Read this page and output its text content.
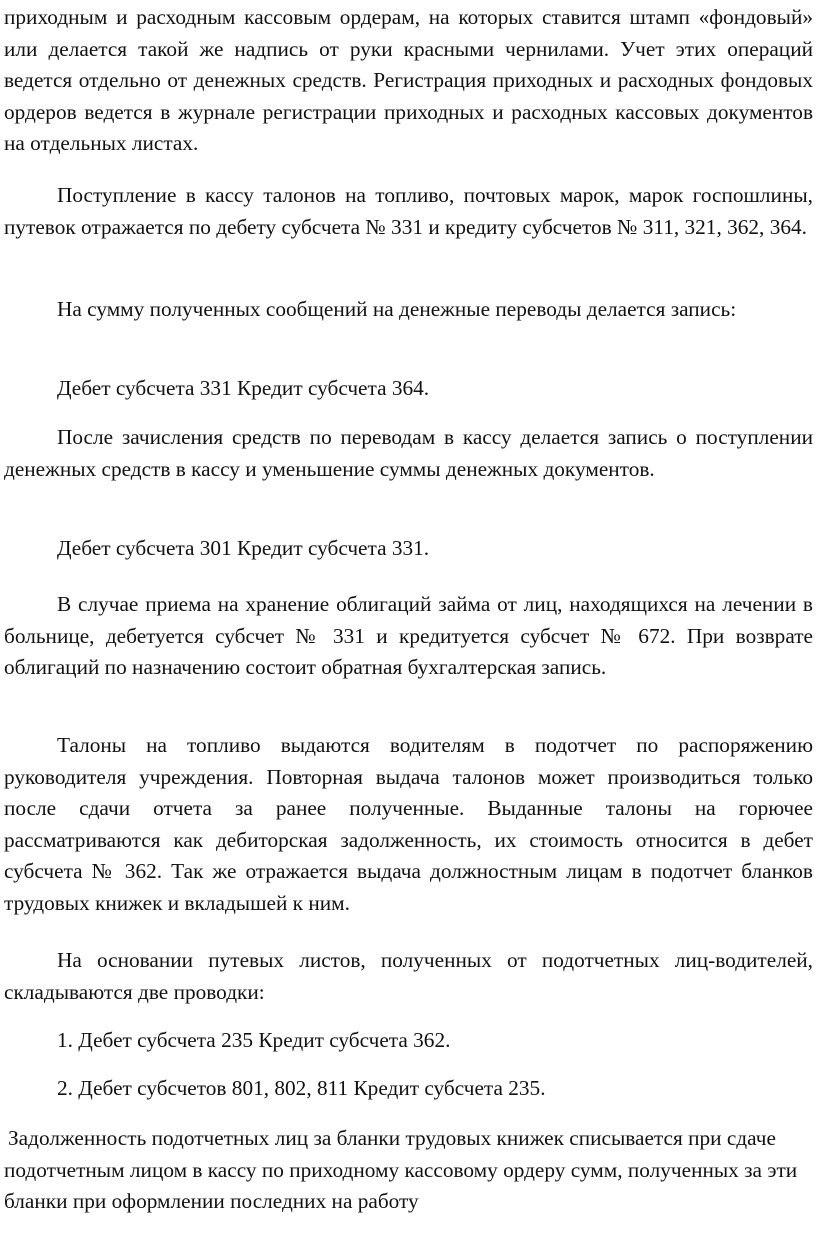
приходным и расходным кассовым ордерам, на которых ставится штамп «фондовый» или делается такой же надпись от руки красными чернилами. Учет этих операций ведется отдельно от денежных средств. Регистрация приходных и расходных фондовых ордеров ведется в журнале регистрации приходных и расходных кассовых документов на отдельных листах.

Поступление в кассу талонов на топливо, почтовых марок, марок госпошлины, путевок отражается по дебету субсчета № 331 и кредиту субсчетов № 311, 321, 362, 364.

На сумму полученных сообщений на денежные переводы делается запись:

Дебет субсчета 331 Кредит субсчета 364.

После зачисления средств по переводам в кассу делается запись о поступлении денежных средств в кассу и уменьшение суммы денежных документов.

Дебет субсчета 301 Кредит субсчета 331.

В случае приема на хранение облигаций займа от лиц, находящихся на лечении в больнице, дебетуется субсчет № 331 и кредитуется субсчет № 672. При возврате облигаций по назначению состоит обратная бухгалтерская запись.

Талоны на топливо выдаются водителям в подотчет по распоряжению руководителя учреждения. Повторная выдача талонов может производиться только после сдачи отчета за ранее полученные. Выданные талоны на горючее рассматриваются как дебиторская задолженность, их стоимость относится в дебет субсчета № 362. Так же отражается выдача должностным лицам в подотчет бланков трудовых книжек и вкладышей к ним.

На основании путевых листов, полученных от подотчетных лиц-водителей, складываются две проводки:

1. Дебет субсчета 235 Кредит субсчета 362.

2. Дебет субсчетов 801, 802, 811 Кредит субсчета 235.

Задолженность подотчетных лиц за бланки трудовых книжек списывается при сдаче подотчетным лицом в кассу по приходному кассовому ордеру сумм, полученных за эти бланки при оформлении последних на работу
